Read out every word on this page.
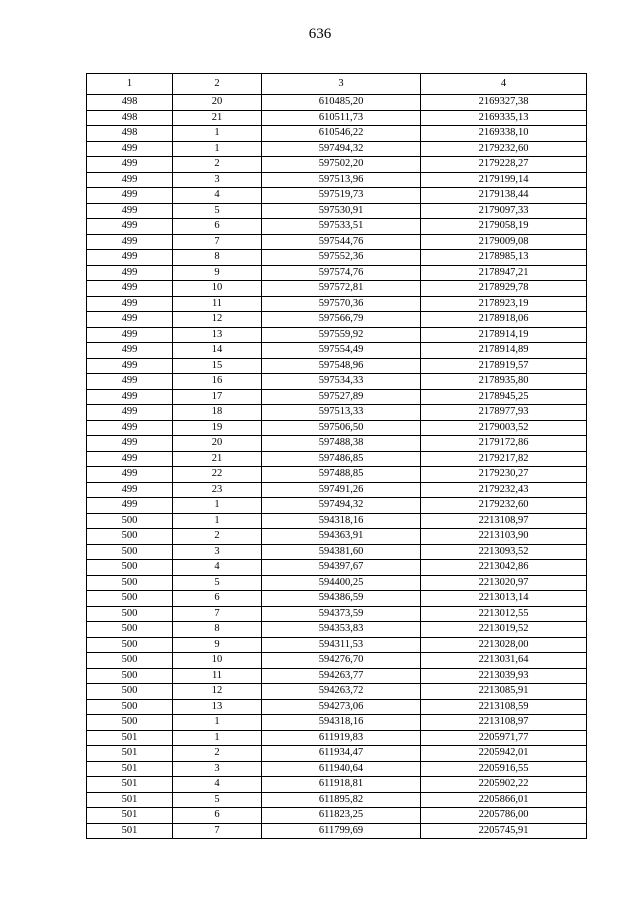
636
1	2	3	4
498	20	610485,20	2169327,38
498	21	610511,73	2169335,13
498	1	610546,22	2169338,10
499	1	597494,32	2179232,60
499	2	597502,20	2179228,27
499	3	597513,96	2179199,14
499	4	597519,73	2179138,44
499	5	597530,91	2179097,33
499	6	597533,51	2179058,19
499	7	597544,76	2179009,08
499	8	597552,36	2178985,13
499	9	597574,76	2178947,21
499	10	597572,81	2178929,78
499	11	597570,36	2178923,19
499	12	597566,79	2178918,06
499	13	597559,92	2178914,19
499	14	597554,49	2178914,89
499	15	597548,96	2178919,57
499	16	597534,33	2178935,80
499	17	597527,89	2178945,25
499	18	597513,33	2178977,93
499	19	597506,50	2179003,52
499	20	597488,38	2179172,86
499	21	597486,85	2179217,82
499	22	597488,85	2179230,27
499	23	597491,26	2179232,43
499	1	597494,32	2179232,60
500	1	594318,16	2213108,97
500	2	594363,91	2213103,90
500	3	594381,60	2213093,52
500	4	594397,67	2213042,86
500	5	594400,25	2213020,97
500	6	594386,59	2213013,14
500	7	594373,59	2213012,55
500	8	594353,83	2213019,52
500	9	594311,53	2213028,00
500	10	594276,70	2213031,64
500	11	594263,77	2213039,93
500	12	594263,72	2213085,91
500	13	594273,06	2213108,59
500	1	594318,16	2213108,97
501	1	611919,83	2205971,77
501	2	611934,47	2205942,01
501	3	611940,64	2205916,55
501	4	611918,81	2205902,22
501	5	611895,82	2205866,01
501	6	611823,25	2205786,00
501	7	611799,69	2205745,91
